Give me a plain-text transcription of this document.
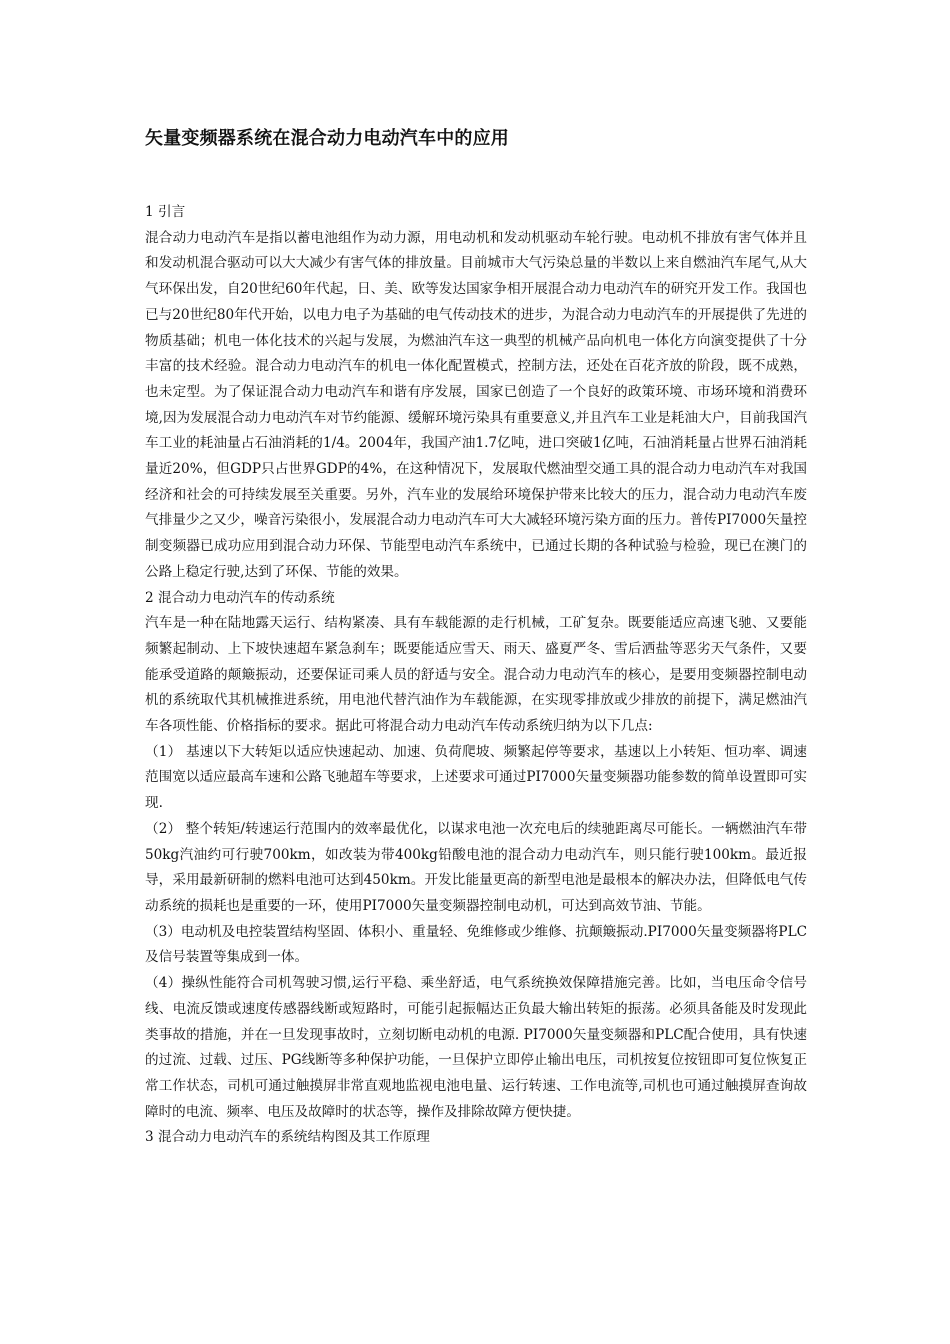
矢量变频器系统在混合动力电动汽车中的应用

1 引言

混合动力电动汽车是指以蓄电池组作为动力源，用电动机和发动机驱动车轮行驶。电动机不排放有害气体并且和发动机混合驱动可以大大减少有害气体的排放量。目前城市大气污染总量的半数以上来自燃油汽车尾气,从大气环保出发，自20世纪60年代起，日、美、欧等发达国家争相开展混合动力电动汽车的研究开发工作。我国也已与20世纪80年代开始，以电力电子为基础的电气传动技术的进步，为混合动力电动汽车的开展提供了先进的物质基础；机电一体化技术的兴起与发展，为燃油汽车这一典型的机械产品向机电一体化方向演变提供了十分丰富的技术经验。混合动力电动汽车的机电一体化配置模式，控制方法，还处在百花齐放的阶段，既不成熟，也未定型。为了保证混合动力电动汽车和谐有序发展，国家已创造了一个良好的政策环境、市场环境和消费环境,因为发展混合动力电动汽车对节约能源、缓解环境污染具有重要意义,并且汽车工业是耗油大户，目前我国汽车工业的耗油量占石油消耗的1/4。2004年，我国产油1.7亿吨，进口突破1亿吨，石油消耗量占世界石油消耗量近20%，但GDP只占世界GDP的4%，在这种情况下，发展取代燃油型交通工具的混合动力电动汽车对我国经济和社会的可持续发展至关重要。另外，汽车业的发展给环境保护带来比较大的压力，混合动力电动汽车废气排量少之又少，噪音污染很小，发展混合动力电动汽车可大大减轻环境污染方面的压力。普传PI7000矢量控制变频器已成功应用到混合动力环保、节能型电动汽车系统中，已通过长期的各种试验与检验，现已在澳门的公路上稳定行驶,达到了环保、节能的效果。

2 混合动力电动汽车的传动系统

汽车是一种在陆地露天运行、结构紧凑、具有车载能源的走行机械，工矿复杂。既要能适应高速飞驰、又要能频繁起制动、上下坡快速超车紧急刹车；既要能适应雪天、雨天、盛夏严冬、雪后洒盐等恶劣天气条件，又要能承受道路的颠簸振动，还要保证司乘人员的舒适与安全。混合动力电动汽车的核心，是要用变频器控制电动机的系统取代其机械推进系统，用电池代替汽油作为车载能源，在实现零排放或少排放的前提下，满足燃油汽车各项性能、价格指标的要求。据此可将混合动力电动汽车传动系统归纳为以下几点:

（1） 基速以下大转矩以适应快速起动、加速、负荷爬坡、频繁起停等要求，基速以上小转矩、恒功率、调速范围宽以适应最高车速和公路飞驰超车等要求，上述要求可通过PI7000矢量变频器功能参数的简单设置即可实现.

（2） 整个转矩/转速运行范围内的效率最优化，以谋求电池一次充电后的续驰距离尽可能长。一辆燃油汽车带50kg汽油约可行驶700km，如改装为带400kg铅酸电池的混合动力电动汽车，则只能行驶100km。最近报导，采用最新研制的燃料电池可达到450km。开发比能量更高的新型电池是最根本的解决办法，但降低电气传动系统的损耗也是重要的一环，使用PI7000矢量变频器控制电动机，可达到高效节油、节能。

（3）电动机及电控装置结构坚固、体积小、重量轻、免维修或少维修、抗颠簸振动.PI7000矢量变频器将PLC及信号装置等集成到一体。

（4）操纵性能符合司机驾驶习惯,运行平稳、乘坐舒适，电气系统换效保障措施完善。比如，当电压命令信号线、电流反馈或速度传感器线断或短路时，可能引起振幅达正负最大输出转矩的振荡。必须具备能及时发现此类事故的措施，并在一旦发现事故时，立刻切断电动机的电源. PI7000矢量变频器和PLC配合使用，具有快速的过流、过载、过压、PG线断等多种保护功能，一旦保护立即停止输出电压，司机按复位按钮即可复位恢复正常工作状态，司机可通过触摸屏非常直观地监视电池电量、运行转速、工作电流等,司机也可通过触摸屏查询故障时的电流、频率、电压及故障时的状态等，操作及排除故障方便快捷。

3 混合动力电动汽车的系统结构图及其工作原理
